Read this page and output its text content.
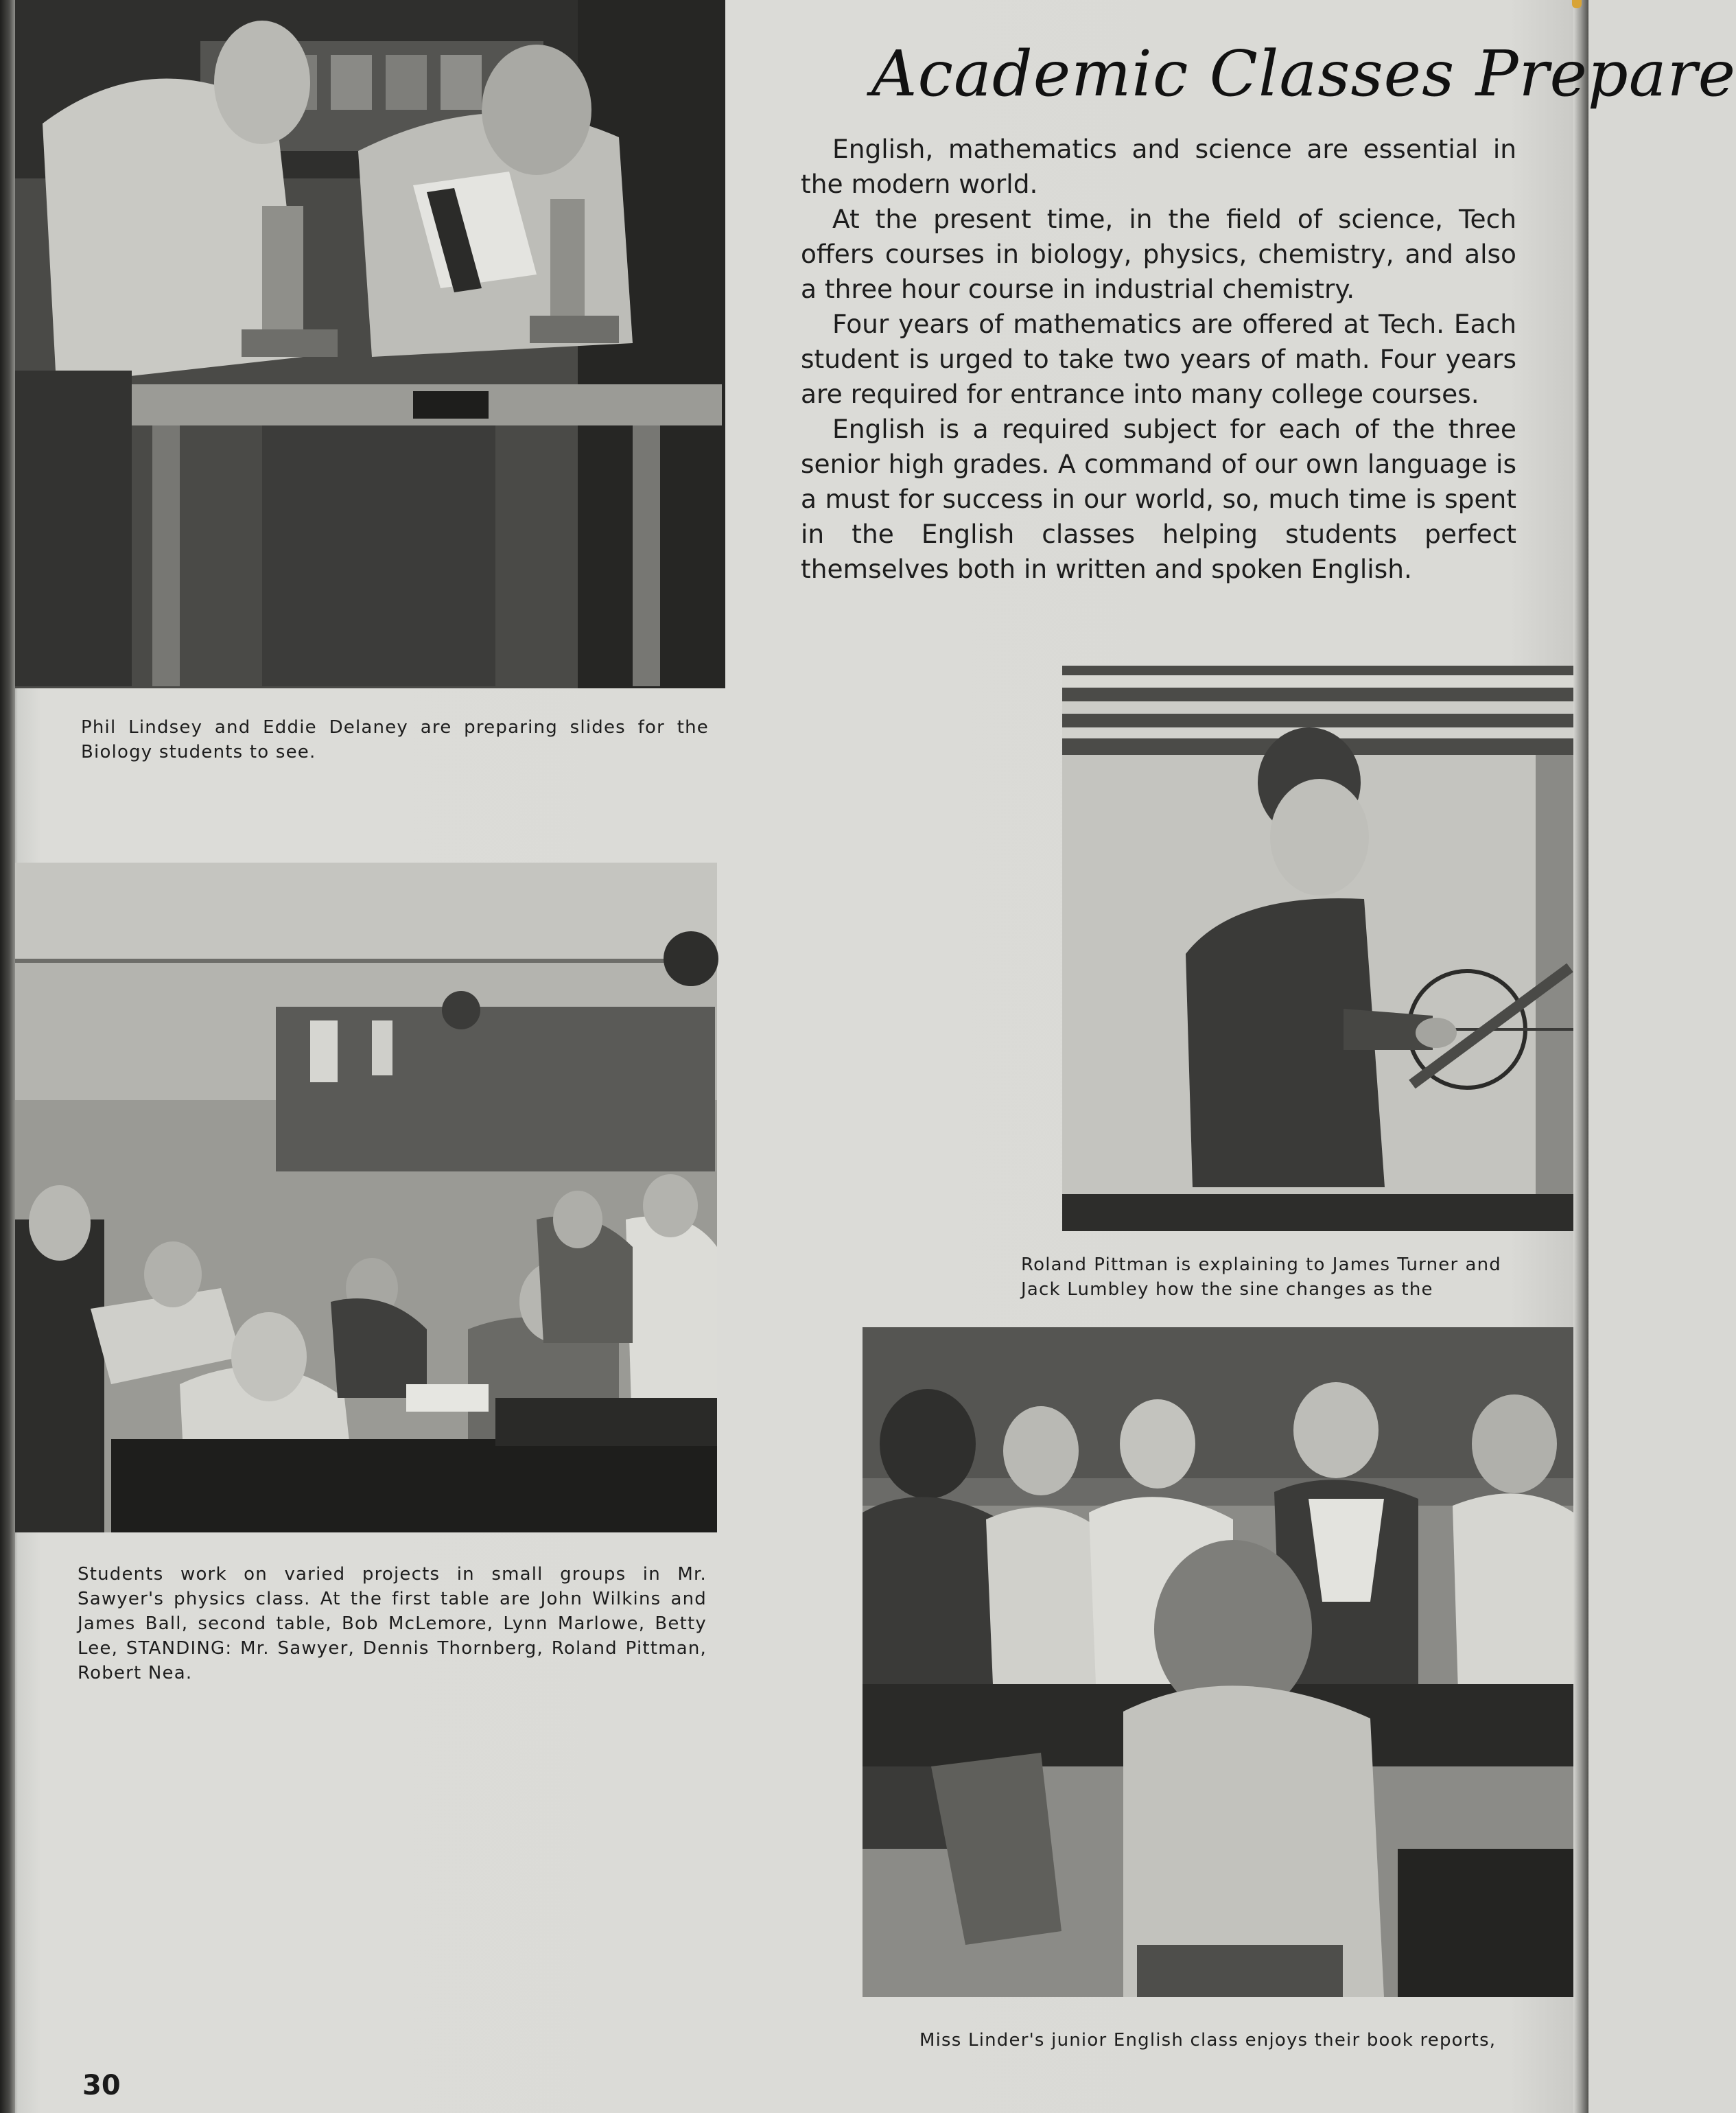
Academic Classes Prepare

English, mathematics and science are essential in the modern world.

At the present time, in the field of science, Tech offers courses in biology, physics, chemistry, and also a three hour course in industrial chemistry.

Four years of mathematics are offered at Tech. Each student is urged to take two years of math. Four years are required for entrance into many college courses.

English is a required subject for each of the three senior high grades. A command of our own language is a must for success in our world, so, much time is spent in the English classes helping students perfect themselves both in written and spoken English.

Phil Lindsey and Eddie Delaney are preparing slides for the Biology students to see.
Students work on varied projects in small groups in Mr. Sawyer's physics class. At the first table are John Wilkins and James Ball, second table, Bob McLemore, Lynn Marlowe, Betty Lee, STANDING: Mr. Sawyer, Dennis Thornberg, Roland Pittman, Robert Nea.
Roland Pittman is explaining to James Turner and Jack Lumbley how the sine changes as the
Miss Linder's junior English class enjoys their book reports,
30
